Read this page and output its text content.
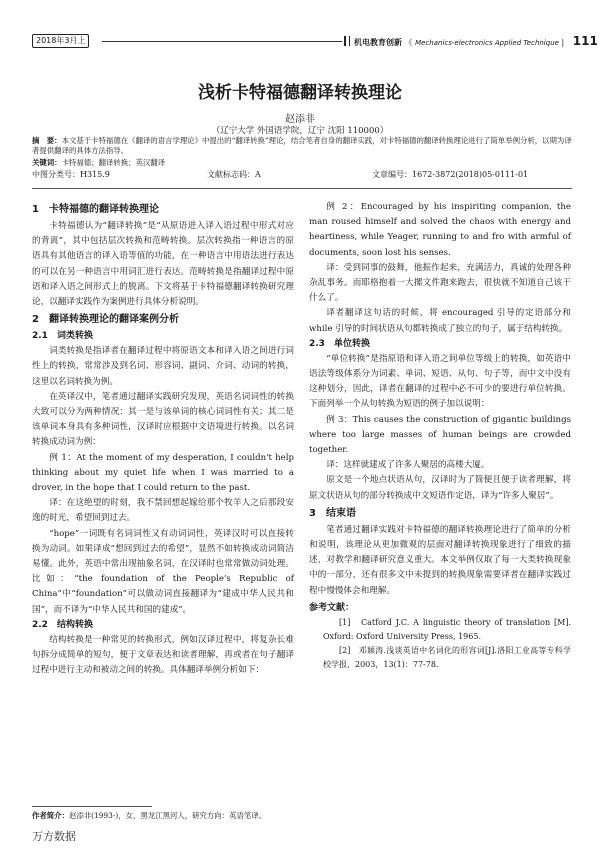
2018年3月上	机电教育创新 《 Mechanics-electronics Applied Technique | 111
浅析卡特福德翻译转换理论
赵添非
（辽宁大学 外国语学院，辽宁 沈阳 110000）
摘　要：本文基于卡特福德在《翻译的语言学理论》中提出的“翻译转换”理论，结合笔者自身的翻译实践，对卡特福德的翻译转换理论进行了简单举例分析，以期为译者提供翻译的具体方法指导。
关键词：卡特福德；翻译转换；英汉翻译
中图分类号：H315.9	文献标志码：A	文章编号：1672-3872(2018)05-0111-01
1　卡特福德的翻译转换理论

卡特福德认为“翻译转换”是“从原语进入译入语过程中形式对应的背离”，其中包括层次转换和范畴转换。层次转换指一种语言的原语具有其他语言的译入语等值的功能，在一种语言中用语法进行表达的可以在另一种语言中用词汇进行表达。范畴转换是指翻译过程中原语和译入语之间形式上的脱离。下文将基于卡特福德翻译转换研究理论，以翻译实践作为案例进行具体分析说明。

2　翻译转换理论的翻译案例分析
2.1　词类转换

词类转换是指译者在翻译过程中将原语文本和译入语之间进行词性上的转换，常常涉及到名词、形容词、副词、介词、动词的转换，这里以名词转换为例。

在英译汉中，笔者通过翻译实践研究发现，英语名词词性的转换大致可以分为两种情况：其一是与该单词的核心词词性有关；其二是该单词本身具有多种词性，汉译时应根据中文语境进行转换。以名词转换成动词为例：

例 1：At the moment of my desperation, I couldn't help thinking about my quiet life when I was married to a drover, in the hope that I could return to the past.

译：在这绝望的时刻，我不禁回想起嫁给那个牧羊人之后那段安逸的时光，希望回到过去。

“hope”一词既有名词词性又有动词词性，英译汉时可以直接转换为动词。如果译成“想回到过去的希望”，显然不如转换成动词简洁易懂。此外，英语中常出现抽象名词，在汉译时也常常做动词处理。比如：“the foundation of the People's Republic of China”中“foundation”可以做动词直接翻译为“建成中华人民共和国”，而不译为“中华人民共和国的建成”。

2.2　结构转换

结构转换是一种常见的转换形式，例如汉译过程中，将复杂长难句拆分成简单的短句，便于文章表达和读者理解，再或者在句子翻译过程中进行主动和被动之间的转换。具体翻译举例分析如下：

例 2：Encouraged by his inspiriting companion, the man roused himself and solved the chaos with energy and heartiness, while Yeager, running to and fro with armful of documents, soon lost his senses.

译：受到同事的鼓舞，他振作起来，充满活力，真诚的处理各种杂乱事务。而耶格抱着一大摞文件跑来跑去，很快就不知道自己该干什么了。

译者翻译这句话的时候，将 encouraged 引导的定语部分和 while 引导的时间状语从句都转换成了独立的句子，属于结构转换。

2.3　单位转换

“单位转换”是指原语和译入语之间单位等级上的转换，如英语中语法等级体系分为词素、单词、短语、从句、句子等，而中文中没有这种划分，因此，译者在翻译的过程中必不可少的要进行单位转换。下面列举一个从句转换为短语的例子加以说明：

例 3：This causes the construction of gigantic buildings where too large masses of human beings are crowded together.

译：这样就建成了许多人聚居的高楼大厦。

原文是一个地点状语从句，汉译时为了简便且便于读者理解，将原文状语从句的部分转换成中文短语作定语，译为“许多人聚居”。

3　结束语

笔者通过翻译实践对卡特福德的翻译转换理论进行了简单的分析和说明，该理论从更加微观的层面对翻译转换现象进行了细致的描述，对教学和翻译研究意义重大。本文举例仅取了每一大类转换现象中的一部分，还有很多文中未提到的转换现象需要译者在翻译实践过程中慢慢体会和理解。

参考文献：

[1]　Catford J.C. A linguistic theory of translation [M]. Oxford: Oxford University Press, 1965.

[2]　邓颖涛.浅谈英语中名词化的形容词[J].洛阳工业高等专科学校学报，2003，13(1)：77-78.

作者简介：赵添非(1993-)，女，黑龙江黑河人，研究方向：英语笔译。
万方数据
